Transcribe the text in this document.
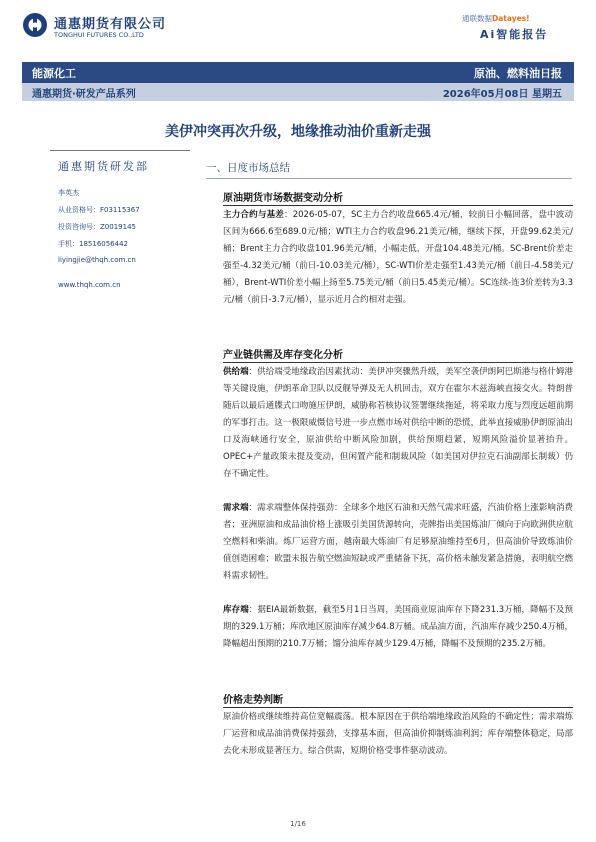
通惠期货有限公司
TONGHUI FUTURES CO.,LTD
通联数据Datayes!
Ai智能报告
能源化工	原油、燃料油日报
通惠期货·研发产品系列	2026年05月08日 星期五
美伊冲突再次升级，地缘推动油价重新走强
通惠期货研发部
李英杰
从业资格号：F03115367
投资咨询号：Z0019145
手机：18516056442
liyingjie@thqh.com.cn
www.thqh.com.cn
一、日度市场总结
原油期货市场数据变动分析
主力合约与基差：2026-05-07，SC主力合约收盘665.4元/桶，较前日小幅回落，盘中波动区间为666.6至689.0元/桶；WTI主力合约收盘96.21美元/桶，继续下探，开盘99.62美元/桶；Brent主力合约收盘101.96美元/桶，小幅走低，开盘104.48美元/桶。SC-Brent价差走强至-4.32美元/桶（前日-10.03美元/桶），SC-WTI价差走强至1.43美元/桶（前日-4.58美元/桶），Brent-WTI价差小幅上扬至5.75美元/桶（前日5.45美元/桶）。SC连续-连3价差转为3.3元/桶（前日-3.7元/桶），显示近月合约相对走强。
产业链供需及库存变化分析
供给端：供给端受地缘政治因素扰动：美伊冲突骤然升级，美军空袭伊朗阿巴斯港与格什姆港等关键设施，伊朗革命卫队以反舰导弹及无人机回击，双方在霍尔木兹海峡直接交火。特朗普随后以最后通牒式口吻施压伊朗，威胁称若核协议签署继续拖延，将采取力度与烈度远超前期的军事打击。这一极限威慑信号进一步点燃市场对供给中断的恐慌，此举直接威胁伊朗原油出口及海峡通行安全，原油供给中断风险加剧，供给预期趋紧，短期风险溢价显著抬升。OPEC+产量政策未提及变动，但闲置产能和制裁风险（如美国对伊拉克石油副部长制裁）仍存不确定性。
需求端：需求端整体保持强劲：全球多个地区石油和天然气需求旺盛，汽油价格上涨影响消费者；亚洲原油和成品油价格上涨吸引美国货源转向，壳牌指出美国炼油厂倾向于向欧洲供应航空燃料和柴油。炼厂运营方面，越南最大炼油厂有足够原油维持至6月，但高油价导致炼油价值创造困难；欧盟未报告航空燃油短缺或严重储备下抚，高价格未触发紧急措施，表明航空燃料需求韧性。
库存端：据EIA最新数据，截至5月1日当周，美国商业原油库存下降231.3万桶，降幅不及预期的329.1万桶；库欣地区原油库存减少64.8万桶。成品油方面，汽油库存减少250.4万桶，降幅超出预期的210.7万桶；馏分油库存减少129.4万桶，降幅不及预期的235.2万桶。
价格走势判断
原油价格或继续维持高位宽幅震荡。根本原因在于供给端地缘政治风险的不确定性；需求端炼厂运营和成品油消费保持强劲，支撑基本面，但高油价抑制炼油利润；库存端整体稳定，局部去化未形成显著压力。综合供需，短期价格受事件驱动波动。
1/16
